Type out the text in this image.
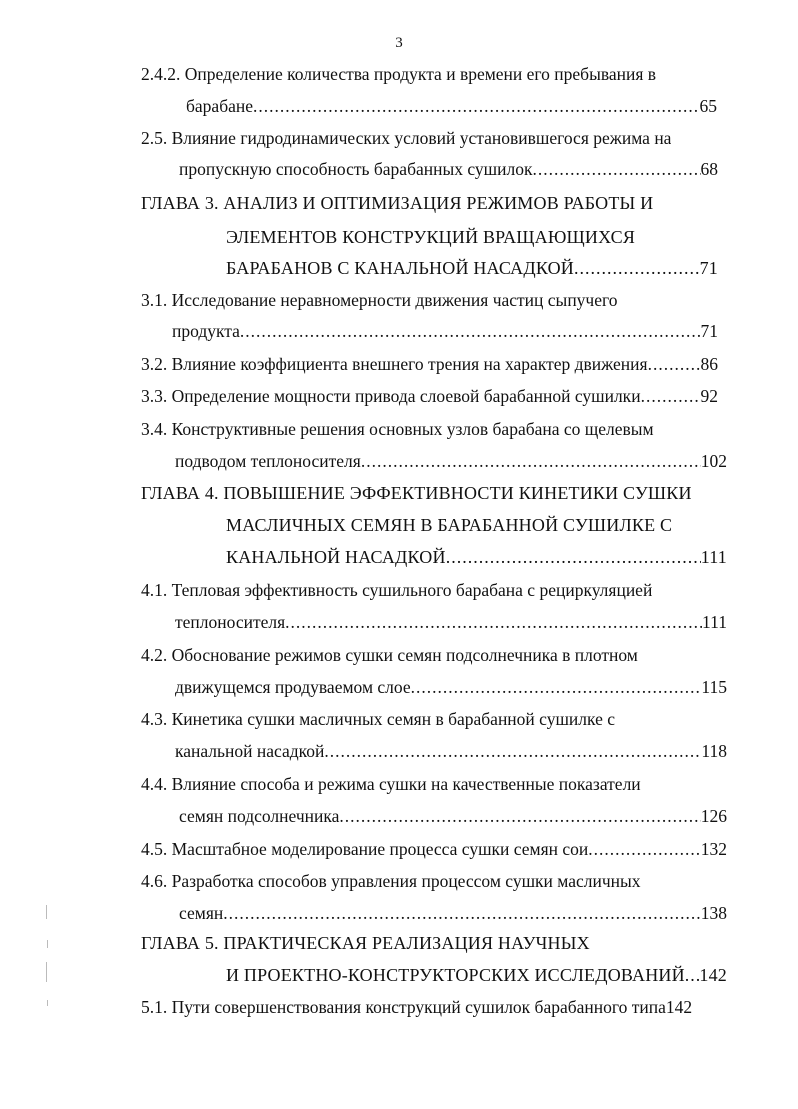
3
2.4.2. Определение количества продукта и времени его пребывания в
барабане .....	65
2.5. Влияние гидродинамических условий установившегося режима на
пропускную способность барабанных сушилок .....	68
ГЛАВА 3. АНАЛИЗ И ОПТИМИЗАЦИЯ РЕЖИМОВ РАБОТЫ И
ЭЛЕМЕНТОВ КОНСТРУКЦИЙ ВРАЩАЮЩИХСЯ
БАРАБАНОВ С КАНАЛЬНОЙ НАСАДКОЙ .....	71
3.1. Исследование неравномерности движения частиц сыпучего
продукта .....	71
3.2. Влияние коэффициента внешнего трения на характер движения .....	86
3.3. Определение мощности привода слоевой барабанной сушилки .....	92
3.4. Конструктивные решения основных узлов барабана со щелевым
подводом теплоносителя .....	102
ГЛАВА 4. ПОВЫШЕНИЕ ЭФФЕКТИВНОСТИ КИНЕТИКИ СУШКИ
МАСЛИЧНЫХ СЕМЯН В БАРАБАННОЙ СУШИЛКЕ С
КАНАЛЬНОЙ НАСАДКОЙ .....	111
4.1. Тепловая эффективность сушильного барабана с рециркуляцией
теплоносителя .....	111
4.2. Обоснование режимов сушки семян подсолнечника в плотном
движущемся продуваемом слое .....	115
4.3. Кинетика сушки масличных семян в барабанной сушилке с
канальной насадкой .....	118
4.4. Влияние способа и режима сушки на качественные показатели
семян подсолнечника .....	126
4.5. Масштабное моделирование процесса сушки семян сои .....	132
4.6. Разработка способов управления процессом сушки масличных
семян .....	138
ГЛАВА 5. ПРАКТИЧЕСКАЯ РЕАЛИЗАЦИЯ НАУЧНЫХ
И ПРОЕКТНО-КОНСТРУКТОРСКИХ ИССЛЕДОВАНИЙ ..... 142
5.1. Пути совершенствования конструкций сушилок барабанного типа 142
